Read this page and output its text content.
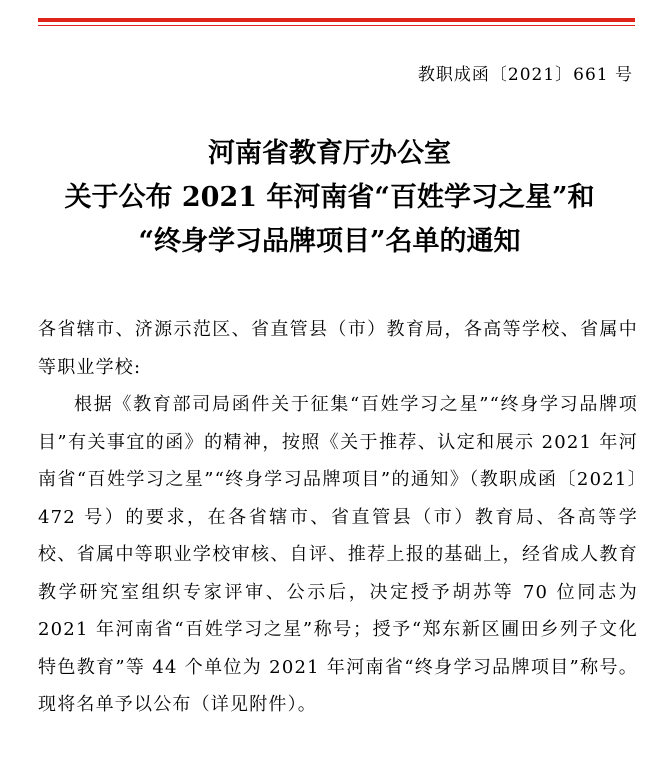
教职成函〔2021〕661 号
河南省教育厅办公室
关于公布 2021 年河南省“百姓学习之星”和
“终身学习品牌项目”名单的通知

各省辖市、济源示范区、省直管县（市）教育局，各高等学校、省属中等职业学校:

根据《教育部司局函件关于征集“百姓学习之星”“终身学习品牌项目”有关事宜的函》的精神，按照《关于推荐、认定和展示 2021 年河南省“百姓学习之星”“终身学习品牌项目”的通知》（教职成函〔2021〕472 号）的要求，在各省辖市、省直管县（市）教育局、各高等学校、省属中等职业学校审核、自评、推荐上报的基础上，经省成人教育教学研究室组织专家评审、公示后，决定授予胡苏等 70 位同志为 2021 年河南省“百姓学习之星”称号；授予“郑东新区圃田乡列子文化特色教育”等 44 个单位为 2021 年河南省“终身学习品牌项目”称号。现将名单予以公布（详见附件）。
